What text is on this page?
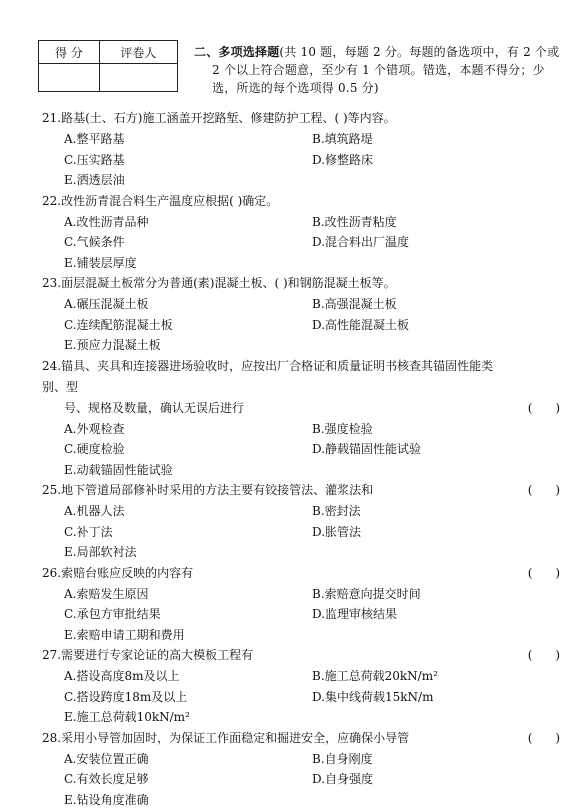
得 分	评卷人
		二、多项选择题(共 10 题，每题 2 分。每题的备选项中，有 2 个或
2 个以上符合题意，至少有 1 个错项。错选，本题不得分；少
选，所选的每个选项得 0.5 分)
21.路基(土、石方)施工涵盖开挖路堑、修建防护工程、( )等内容。
A.整平路基	B.填筑路堤
C.压实路基	D.修整路床
E.洒透层油
22.改性沥青混合料生产温度应根据( )确定。
A.改性沥青品种	B.改性沥青粘度
C.气候条件	D.混合料出厂温度
E.铺装层厚度
23.面层混凝土板常分为普通(素)混凝土板、( )和钢筋混凝土板等。
A.碾压混凝土板	B.高强混凝土板
C.连续配筋混凝土板	D.高性能混凝土板
E.预应力混凝土板
24.锚具、夹具和连接器进场验收时，应按出厂合格证和质量证明书核查其锚固性能类别、型
号、规格及数量，确认无误后进行	(      )
A.外观检查	B.强度检验
C.硬度检验	D.静载锚固性能试验
E.动载锚固性能试验
25.地下管道局部修补时采用的方法主要有铰接管法、灌浆法和	(      )
A.机器人法	B.密封法
C.补丁法	D.胀管法
E.局部软衬法
26.索赔台账应反映的内容有	(      )
A.索赔发生原因	B.索赔意向提交时间
C.承包方审批结果	D.监理审核结果
E.索赔申请工期和费用
27.需要进行专家论证的高大模板工程有	(      )
A.搭设高度8m及以上	B.施工总荷载20kN/m²
C.搭设跨度18m及以上	D.集中线荷载15kN/m
E.施工总荷载10kN/m²
28.采用小导管加固时，为保证工作面稳定和掘进安全，应确保小导管	(      )
A.安装位置正确	B.自身刚度
C.有效长度足够	D.自身强度
E.钻设角度准确
